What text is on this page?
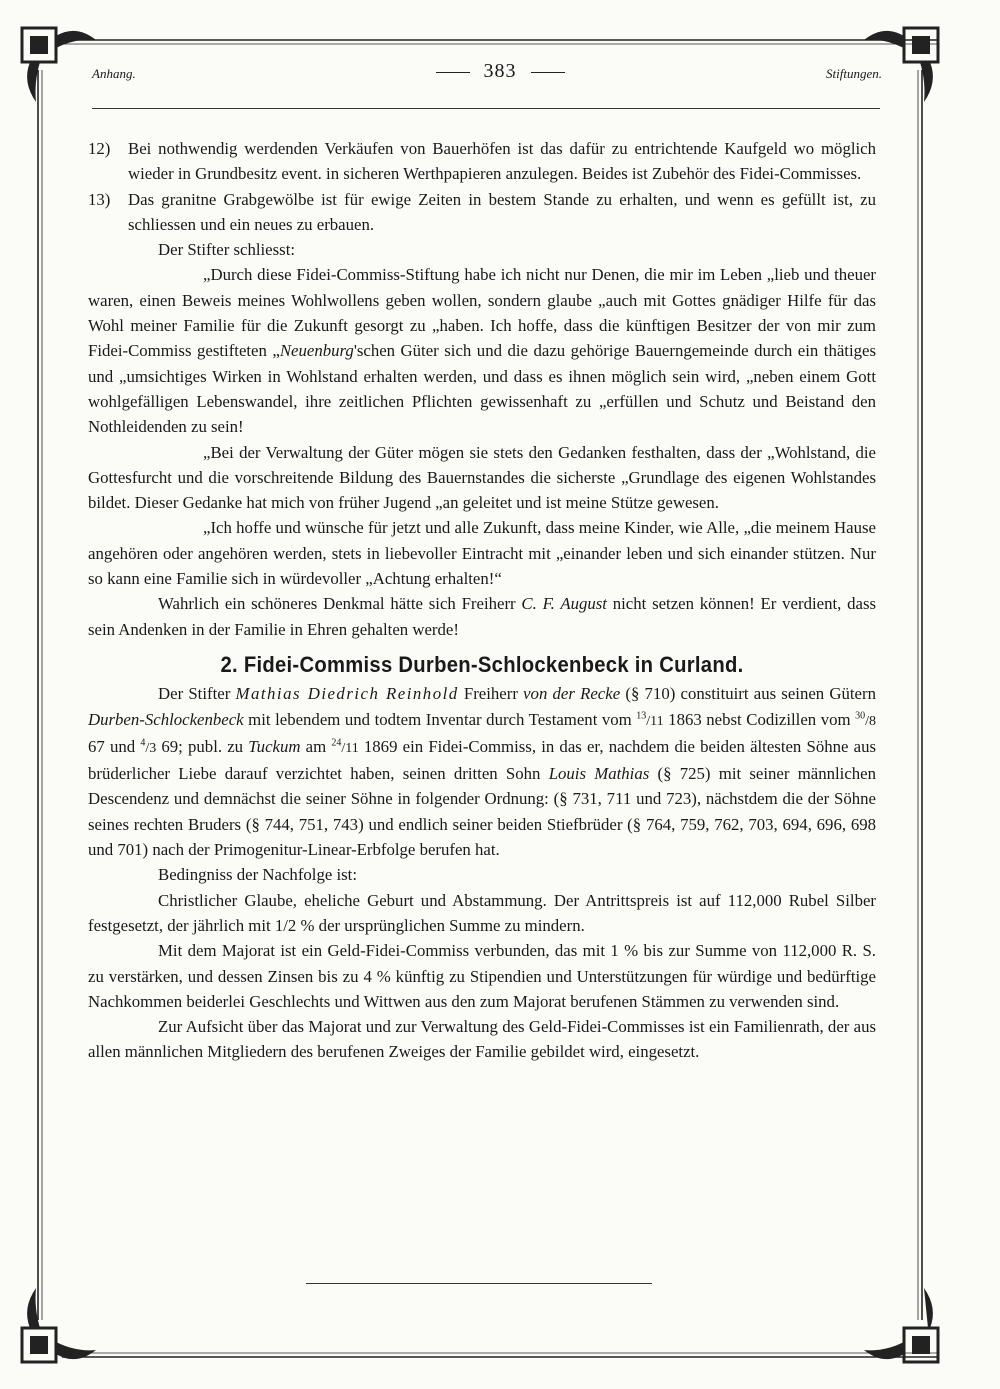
Anhang.	383	Stiftungen.
12)	Bei nothwendig werdenden Verkäufen von Bauerhöfen ist das dafür zu entrichtende Kaufgeld wo möglich wieder in Grundbesitz event. in sicheren Werthpapieren anzulegen. Beides ist Zubehör des Fidei-Commisses.

13)	Das granitne Grabgewölbe ist für ewige Zeiten in bestem Stande zu erhalten, und wenn es gefüllt ist, zu schliessen und ein neues zu erbauen.

Der Stifter schliesst:

„Durch diese Fidei-Commiss-Stiftung habe ich nicht nur Denen, die mir im Leben „lieb und theuer waren, einen Beweis meines Wohlwollens geben wollen, sondern glaube „auch mit Gottes gnädiger Hilfe für das Wohl meiner Familie für die Zukunft gesorgt zu „haben. Ich hoffe, dass die künftigen Besitzer der von mir zum Fidei-Commiss gestifteten „Neuenburg'schen Güter sich und die dazu gehörige Bauerngemeinde durch ein thätiges und „umsichtiges Wirken in Wohlstand erhalten werden, und dass es ihnen möglich sein wird, „neben einem Gott wohlgefälligen Lebenswandel, ihre zeitlichen Pflichten gewissenhaft zu „erfüllen und Schutz und Beistand den Nothleidenden zu sein!

„Bei der Verwaltung der Güter mögen sie stets den Gedanken festhalten, dass der „Wohlstand, die Gottesfurcht und die vorschreitende Bildung des Bauernstandes die sicherste „Grundlage des eigenen Wohlstandes bildet. Dieser Gedanke hat mich von früher Jugend „an geleitet und ist meine Stütze gewesen.

„Ich hoffe und wünsche für jetzt und alle Zukunft, dass meine Kinder, wie Alle, „die meinem Hause angehören oder angehören werden, stets in liebevoller Eintracht mit „einander leben und sich einander stützen. Nur so kann eine Familie sich in würdevoller „Achtung erhalten!“

Wahrlich ein schöneres Denkmal hätte sich Freiherr C. F. August nicht setzen können! Er verdient, dass sein Andenken in der Familie in Ehren gehalten werde!

2. Fidei-Commiss Durben-Schlockenbeck in Curland.

Der Stifter Mathias Diedrich Reinhold Freiherr von der Recke (§ 710) constituirt aus seinen Gütern Durben-Schlockenbeck mit lebendem und todtem Inventar durch Testament vom $^{13}$/11 1863 nebst Codizillen vom $^{30}$/8 67 und $^4$/3 69; publ. zu Tuckum am $^{24}$/11 1869 ein Fidei-Commiss, in das er, nachdem die beiden ältesten Söhne aus brüderlicher Liebe darauf verzichtet haben, seinen dritten Sohn Louis Mathias (§ 725) mit seiner männlichen Descendenz und demnächst die seiner Söhne in folgender Ordnung: (§ 731, 711 und 723), nächstdem die der Söhne seines rechten Bruders (§ 744, 751, 743) und endlich seiner beiden Stiefbrüder (§ 764, 759, 762, 703, 694, 696, 698 und 701) nach der Primogenitur-Linear-Erbfolge berufen hat.

Bedingniss der Nachfolge ist:

Christlicher Glaube, eheliche Geburt und Abstammung. Der Antrittspreis ist auf 112,000 Rubel Silber festgesetzt, der jährlich mit 1/2 % der ursprünglichen Summe zu mindern.

Mit dem Majorat ist ein Geld-Fidei-Commiss verbunden, das mit 1 % bis zur Summe von 112,000 R. S. zu verstärken, und dessen Zinsen bis zu 4 % künftig zu Stipendien und Unterstützungen für würdige und bedürftige Nachkommen beiderlei Geschlechts und Wittwen aus den zum Majorat berufenen Stämmen zu verwenden sind.

Zur Aufsicht über das Majorat und zur Verwaltung des Geld-Fidei-Commisses ist ein Familienrath, der aus allen männlichen Mitgliedern des berufenen Zweiges der Familie gebildet wird, eingesetzt.
